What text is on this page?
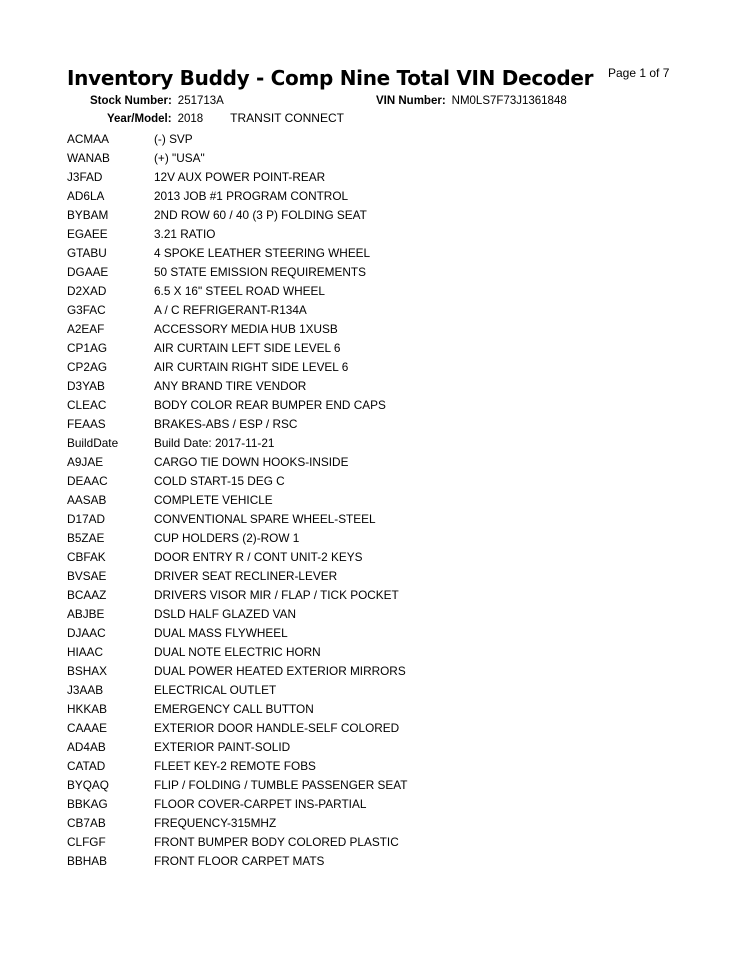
Inventory Buddy - Comp Nine Total VIN Decoder Page 1 of 7
Stock Number: 251713A	VIN Number: NM0LS7F73J1361848
Year/Model: 2018 TRANSIT CONNECT
ACMAA	(-) SVP
WANAB	(+) "USA"
J3FAD	12V AUX POWER POINT-REAR
AD6LA	2013 JOB #1 PROGRAM CONTROL
BYBAM	2ND ROW 60 / 40 (3 P) FOLDING SEAT
EGAEE	3.21 RATIO
GTABU	4 SPOKE LEATHER STEERING WHEEL
DGAAE	50 STATE EMISSION REQUIREMENTS
D2XAD	6.5 X 16" STEEL ROAD WHEEL
G3FAC	A / C REFRIGERANT-R134A
A2EAF	ACCESSORY MEDIA HUB 1XUSB
CP1AG	AIR CURTAIN LEFT SIDE LEVEL 6
CP2AG	AIR CURTAIN RIGHT SIDE LEVEL 6
D3YAB	ANY BRAND TIRE VENDOR
CLEAC	BODY COLOR REAR BUMPER END CAPS
FEAAS	BRAKES-ABS / ESP / RSC
BuildDate	Build Date: 2017-11-21
A9JAE	CARGO TIE DOWN HOOKS-INSIDE
DEAAC	COLD START-15 DEG C
AASAB	COMPLETE VEHICLE
D17AD	CONVENTIONAL SPARE WHEEL-STEEL
B5ZAE	CUP HOLDERS (2)-ROW 1
CBFAK	DOOR ENTRY R / CONT UNIT-2 KEYS
BVSAE	DRIVER SEAT RECLINER-LEVER
BCAAZ	DRIVERS VISOR MIR / FLAP / TICK POCKET
ABJBE	DSLD HALF GLAZED VAN
DJAAC	DUAL MASS FLYWHEEL
HIAAC	DUAL NOTE ELECTRIC HORN
BSHAX	DUAL POWER HEATED EXTERIOR MIRRORS
J3AAB	ELECTRICAL OUTLET
HKKAB	EMERGENCY CALL BUTTON
CAAAE	EXTERIOR DOOR HANDLE-SELF COLORED
AD4AB	EXTERIOR PAINT-SOLID
CATAD	FLEET KEY-2 REMOTE FOBS
BYQAQ	FLIP / FOLDING / TUMBLE PASSENGER SEAT
BBKAG	FLOOR COVER-CARPET INS-PARTIAL
CB7AB	FREQUENCY-315MHZ
CLFGF	FRONT BUMPER BODY COLORED PLASTIC
BBHAB	FRONT FLOOR CARPET MATS
